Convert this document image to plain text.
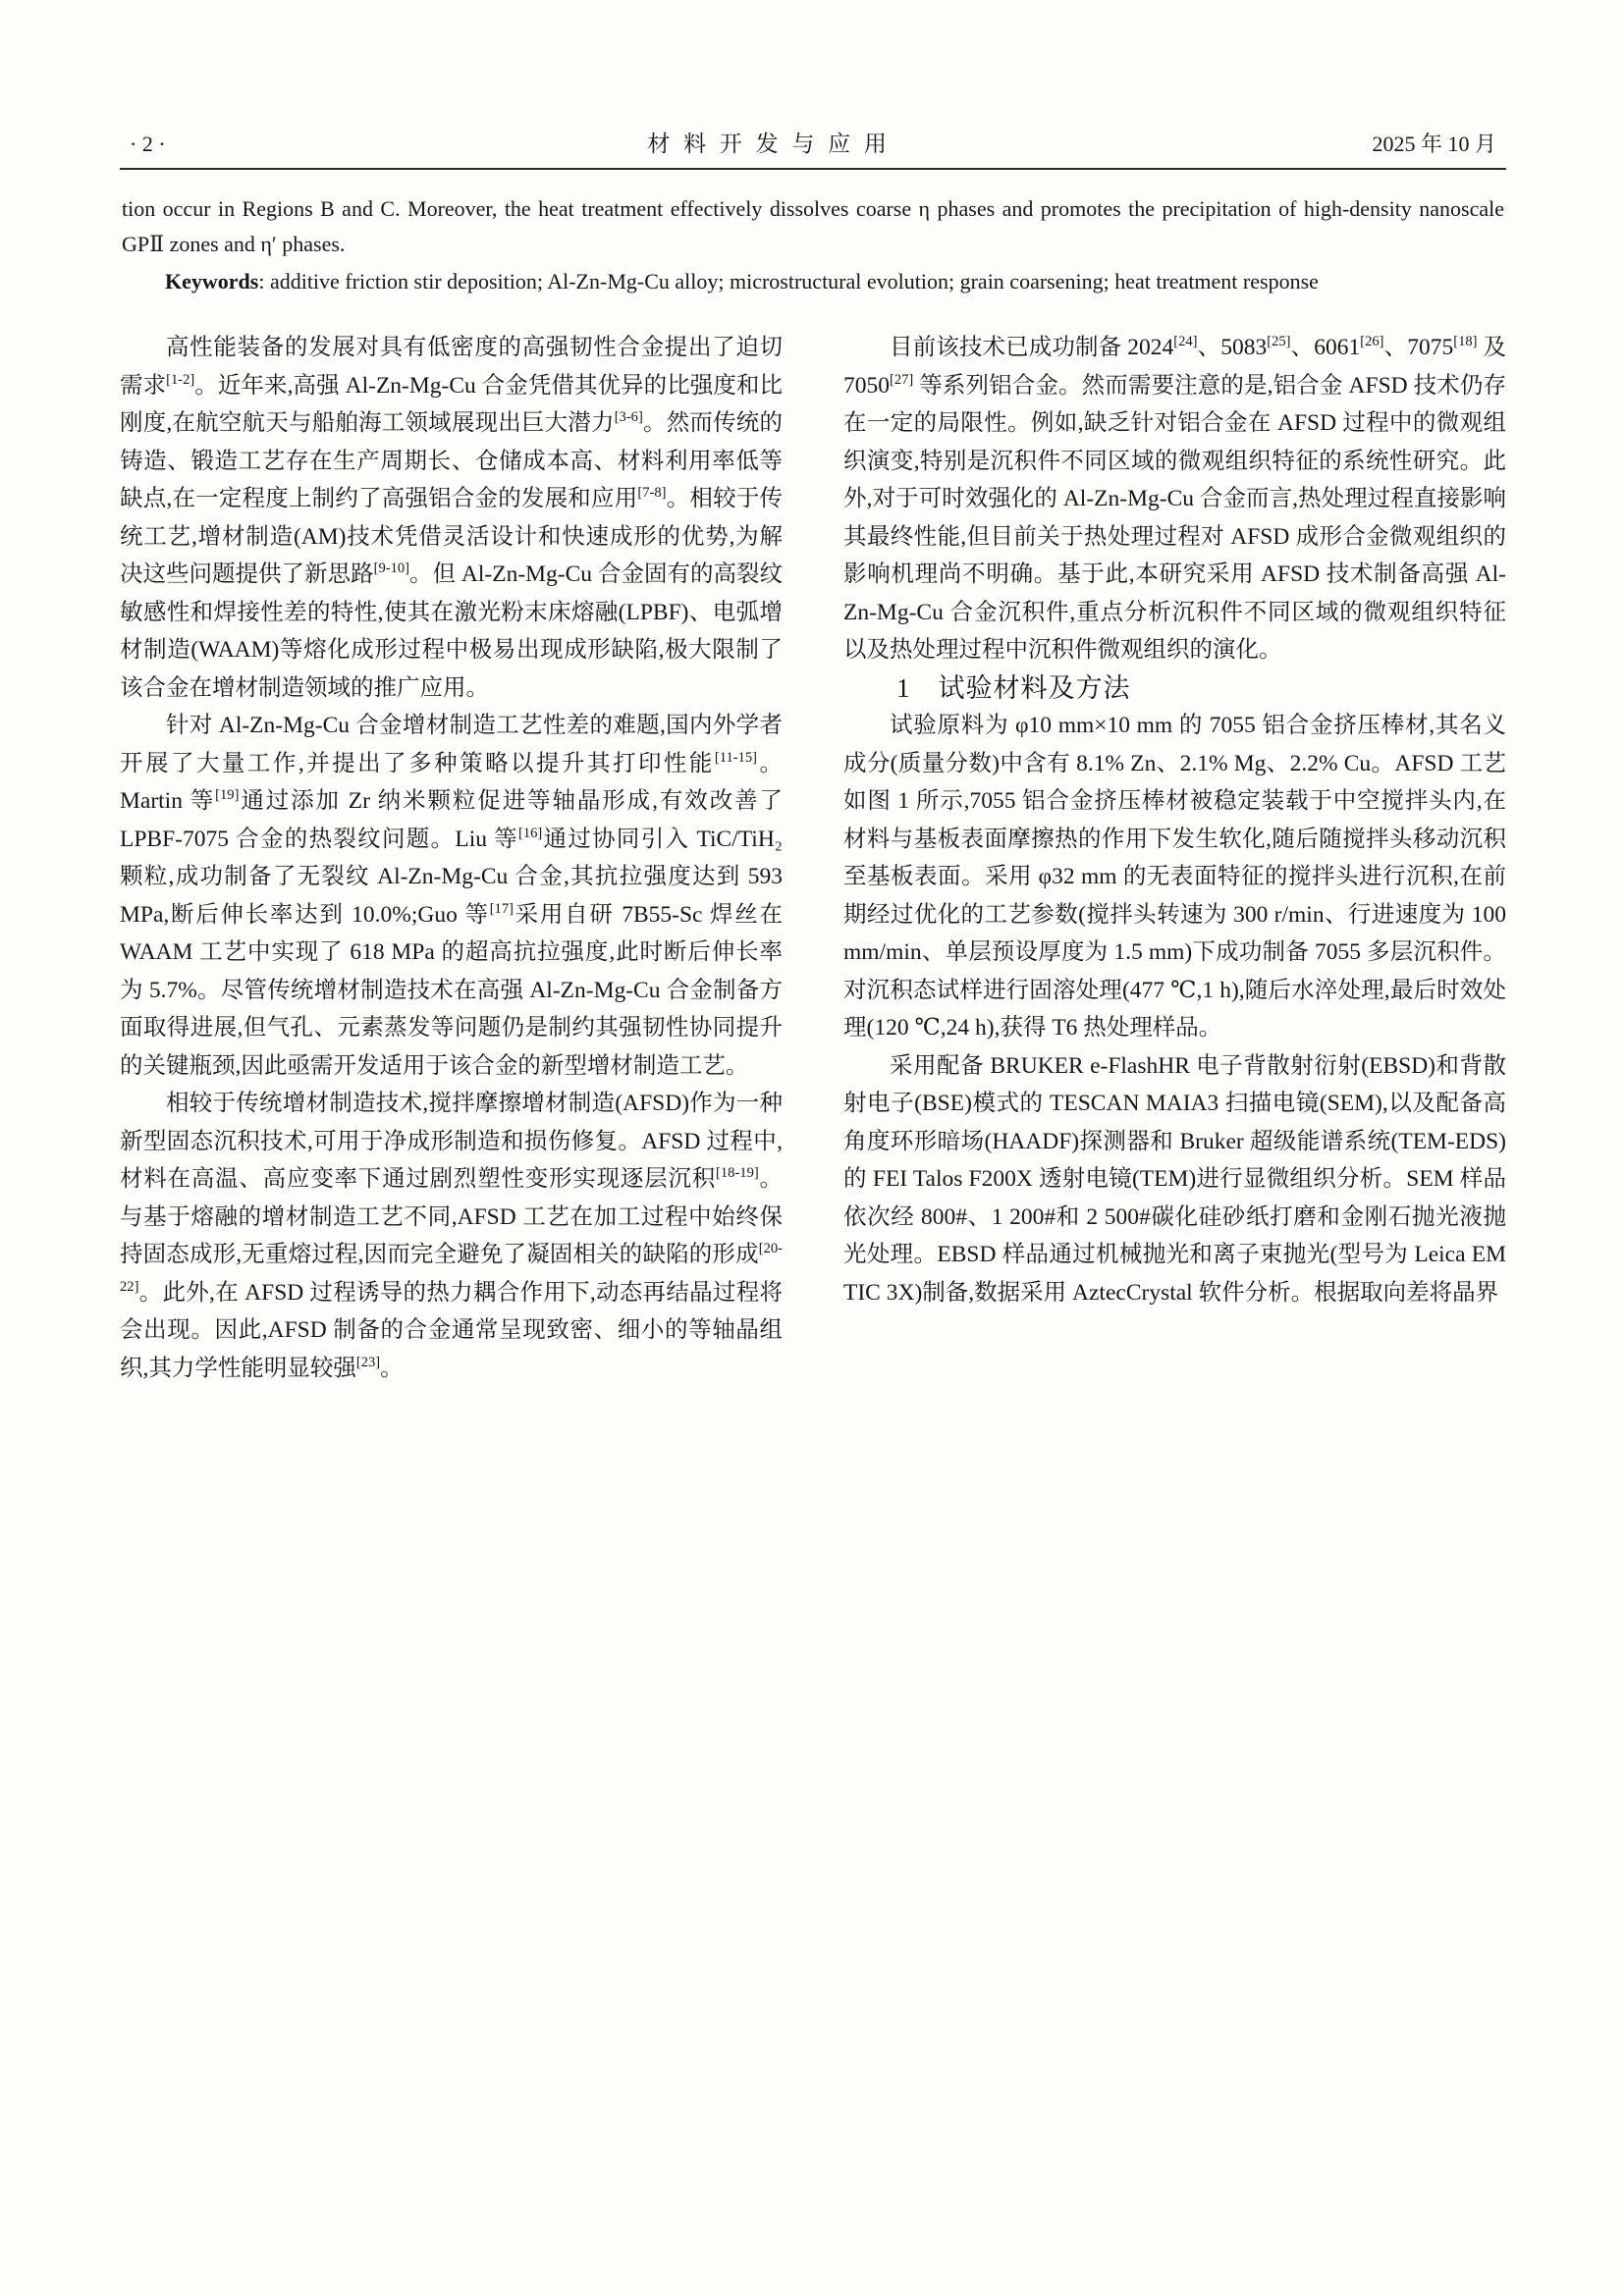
· 2 ·	材 料 开 发 与 应 用	2025 年 10 月

tion occur in Regions B and C. Moreover, the heat treatment effectively dissolves coarse η phases and promotes the precipitation of high-density nanoscale GPⅡ zones and η′ phases.

Keywords: additive friction stir deposition; Al-Zn-Mg-Cu alloy; microstructural evolution; grain coarsening; heat treatment response

高性能装备的发展对具有低密度的高强韧性合金提出了迫切需求[1-2]。近年来,高强 Al-Zn-Mg-Cu 合金凭借其优异的比强度和比刚度,在航空航天与船舶海工领域展现出巨大潜力[3-6]。然而传统的铸造、锻造工艺存在生产周期长、仓储成本高、材料利用率低等缺点,在一定程度上制约了高强铝合金的发展和应用[7-8]。相较于传统工艺,增材制造(AM)技术凭借灵活设计和快速成形的优势,为解决这些问题提供了新思路[9-10]。但 Al-Zn-Mg-Cu 合金固有的高裂纹敏感性和焊接性差的特性,使其在激光粉末床熔融(LPBF)、电弧增材制造(WAAM)等熔化成形过程中极易出现成形缺陷,极大限制了该合金在增材制造领域的推广应用。

针对 Al-Zn-Mg-Cu 合金增材制造工艺性差的难题,国内外学者开展了大量工作,并提出了多种策略以提升其打印性能[11-15]。Martin 等[19]通过添加 Zr 纳米颗粒促进等轴晶形成,有效改善了 LPBF-7075 合金的热裂纹问题。Liu 等[16]通过协同引入 TiC/TiH₂ 颗粒,成功制备了无裂纹 Al-Zn-Mg-Cu 合金,其抗拉强度达到 593 MPa,断后伸长率达到 10.0%;Guo 等[17]采用自研 7B55-Sc 焊丝在 WAAM 工艺中实现了 618 MPa 的超高抗拉强度,此时断后伸长率为 5.7%。尽管传统增材制造技术在高强 Al-Zn-Mg-Cu 合金制备方面取得进展,但气孔、元素蒸发等问题仍是制约其强韧性协同提升的关键瓶颈,因此亟需开发适用于该合金的新型增材制造工艺。

相较于传统增材制造技术,搅拌摩擦增材制造(AFSD)作为一种新型固态沉积技术,可用于净成形制造和损伤修复。AFSD 过程中,材料在高温、高应变率下通过剧烈塑性变形实现逐层沉积[18-19]。与基于熔融的增材制造工艺不同,AFSD 工艺在加工过程中始终保持固态成形,无重熔过程,因而完全避免了凝固相关的缺陷的形成[20-22]。此外,在 AFSD 过程诱导的热力耦合作用下,动态再结晶过程将会出现。因此,AFSD 制备的合金通常呈现致密、细小的等轴晶组织,其力学性能明显较强[23]。

目前该技术已成功制备 2024[24]、5083[25]、6061[26]、7075[18] 及 7050[27] 等系列铝合金。然而需要注意的是,铝合金 AFSD 技术仍存在一定的局限性。例如,缺乏针对铝合金在 AFSD 过程中的微观组织演变,特别是沉积件不同区域的微观组织特征的系统性研究。此外,对于可时效强化的 Al-Zn-Mg-Cu 合金而言,热处理过程直接影响其最终性能,但目前关于热处理过程对 AFSD 成形合金微观组织的影响机理尚不明确。基于此,本研究采用 AFSD 技术制备高强 Al-Zn-Mg-Cu 合金沉积件,重点分析沉积件不同区域的微观组织特征以及热处理过程中沉积件微观组织的演化。

1 试验材料及方法

试验原料为 φ10 mm×10 mm 的 7055 铝合金挤压棒材,其名义成分(质量分数)中含有 8.1% Zn、2.1% Mg、2.2% Cu。AFSD 工艺如图 1 所示,7055 铝合金挤压棒材被稳定装载于中空搅拌头内,在材料与基板表面摩擦热的作用下发生软化,随后随搅拌头移动沉积至基板表面。采用 φ32 mm 的无表面特征的搅拌头进行沉积,在前期经过优化的工艺参数(搅拌头转速为 300 r/min、行进速度为 100 mm/min、单层预设厚度为 1.5 mm)下成功制备 7055 多层沉积件。对沉积态试样进行固溶处理(477 ℃,1 h),随后水淬处理,最后时效处理(120 ℃,24 h),获得 T6 热处理样品。

采用配备 BRUKER e-FlashHR 电子背散射衍射(EBSD)和背散射电子(BSE)模式的 TESCAN MAIA3 扫描电镜(SEM),以及配备高角度环形暗场(HAADF)探测器和 Bruker 超级能谱系统(TEM-EDS)的 FEI Talos F200X 透射电镜(TEM)进行显微组织分析。SEM 样品依次经 800#、1 200#和 2 500#碳化硅砂纸打磨和金刚石抛光液抛光处理。EBSD 样品通过机械抛光和离子束抛光(型号为 Leica EM TIC 3X)制备,数据采用 AztecCrystal 软件分析。根据取向差将晶界
